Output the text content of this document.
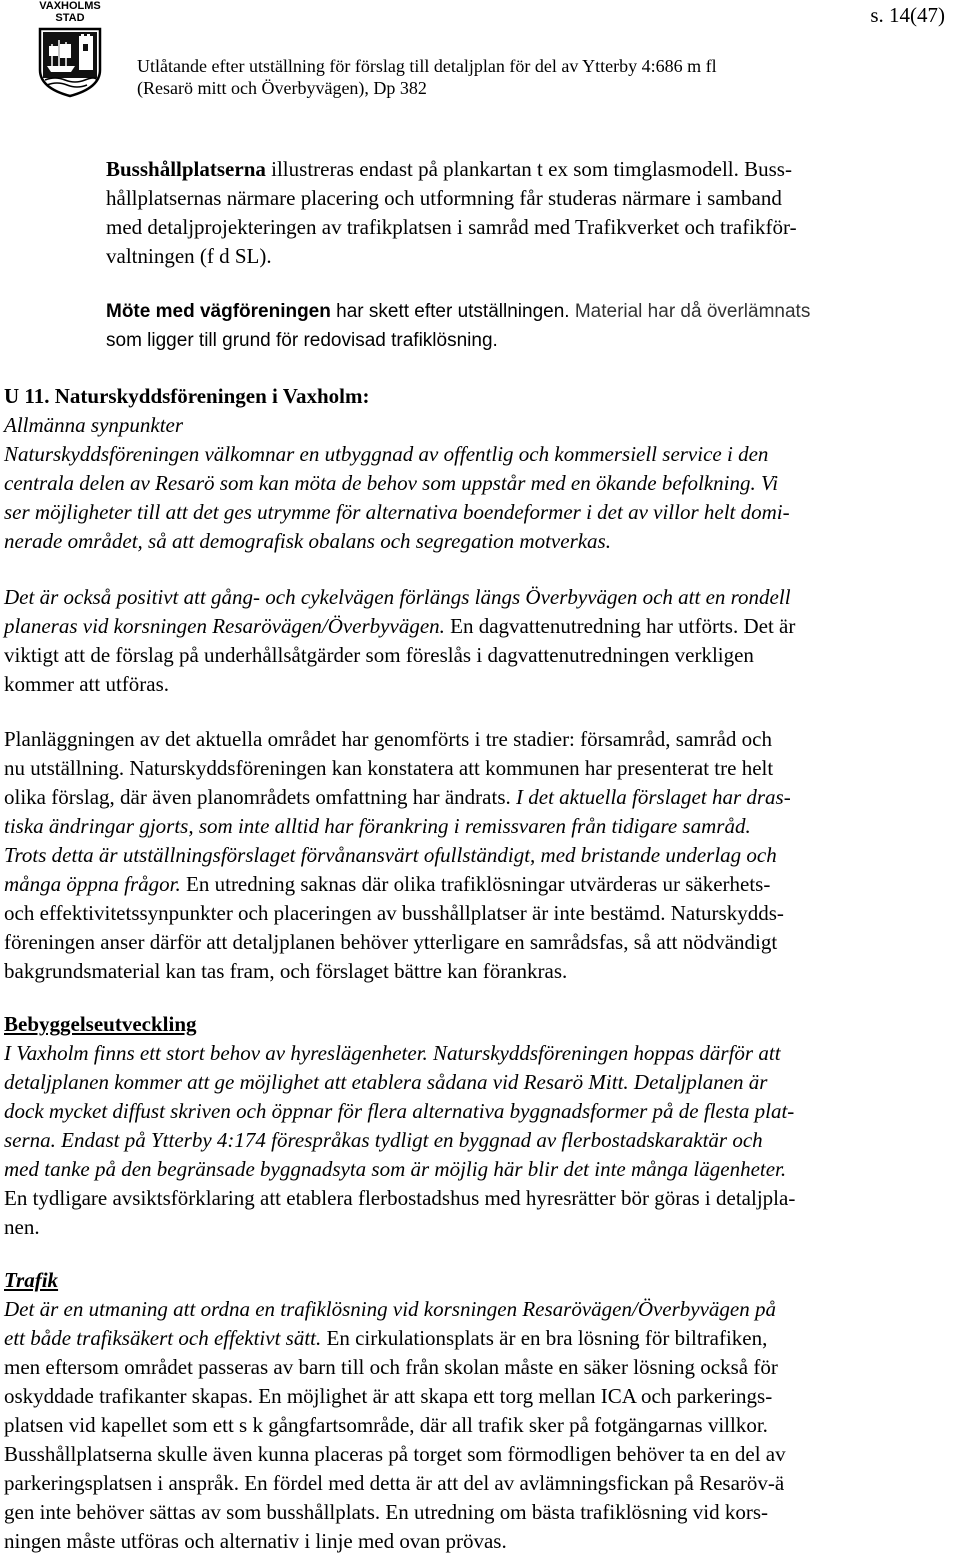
VAXHOLMS
STAD
Utlåtande efter utställning för förslag till detaljplan för del av Ytterby 4:686 m fl
(Resarö mitt och Överbyvägen), Dp 382
s. 14(47)

Busshållplatserna illustreras endast på plankartan t ex som timglasmodell. Buss-
hållplatsernas närmare placering och utformning får studeras närmare i samband
med detaljprojekteringen av trafikplatsen i samråd med Trafikverket och trafikför-
valtningen (f d SL).

Möte med vägföreningen har skett efter utställningen. Material har då överlämnats
som ligger till grund för redovisad trafiklösning.

U 11. Naturskyddsföreningen i Vaxholm:
Allmänna synpunkter

Naturskyddsföreningen välkomnar en utbyggnad av offentlig och kommersiell service i den
centrala delen av Resarö som kan möta de behov som uppstår med en ökande befolkning. Vi
ser möjligheter till att det ges utrymme för alternativa boendeformer i det av villor helt domi-
nerade området, så att demografisk obalans och segregation motverkas.

Det är också positivt att gång- och cykelvägen förlängs längs Överbyvägen och att en rondell
planeras vid korsningen Resarövägen/Överbyvägen. En dagvattenutredning har utförts. Det är
viktigt att de förslag på underhållsåtgärder som föreslås i dagvattenutredningen verkligen
kommer att utföras.

Planläggningen av det aktuella området har genomförts i tre stadier: församråd, samråd och
nu utställning. Naturskyddsföreningen kan konstatera att kommunen har presenterat tre helt
olika förslag, där även planområdets omfattning har ändrats. I det aktuella förslaget har dras-
tiska ändringar gjorts, som inte alltid har förankring i remissvaren från tidigare samråd.
Trots detta är utställningsförslaget förvånansvärt ofullständigt, med bristande underlag och
många öppna frågor. En utredning saknas där olika trafiklösningar utvärderas ur säkerhets-
och effektivitetssynpunkter och placeringen av busshållplatser är inte bestämd. Naturskydds-
föreningen anser därför att detaljplanen behöver ytterligare en samrådsfas, så att nödvändigt
bakgrundsmaterial kan tas fram, och förslaget bättre kan förankras.

Bebyggelseutveckling
I Vaxholm finns ett stort behov av hyreslägenheter. Naturskyddsföreningen hoppas därför att
detaljplanen kommer att ge möjlighet att etablera sådana vid Resarö Mitt. Detaljplanen är
dock mycket diffust skriven och öppnar för flera alternativa byggnadsformer på de flesta plat-
serna. Endast på Ytterby 4:174 förespråkas tydligt en byggnad av flerbostadskaraktär och
med tanke på den begränsade byggnadsyta som är möjlig här blir det inte många lägenheter.
En tydligare avsiktsförklaring att etablera flerbostadshus med hyresrätter bör göras i detaljpla-
nen.

Trafik
Det är en utmaning att ordna en trafiklösning vid korsningen Resarövägen/Överbyvägen på
ett både trafiksäkert och effektivt sätt. En cirkulationsplats är en bra lösning för biltrafiken,
men eftersom området passeras av barn till och från skolan måste en säker lösning också för
oskyddade trafikanter skapas. En möjlighet är att skapa ett torg mellan ICA och parkerings-
platsen vid kapellet som ett s k gångfartsområde, där all trafik sker på fotgängarnas villkor.
Busshållplatserna skulle även kunna placeras på torget som förmodligen behöver ta en del av
parkeringsplatsen i anspråk. En fördel med detta är att del av avlämningsfickan på Resaröv-ä
gen inte behöver sättas av som busshållplats. En utredning om bästa trafiklösning vid kors-
ningen måste utföras och alternativ i linje med ovan prövas.
